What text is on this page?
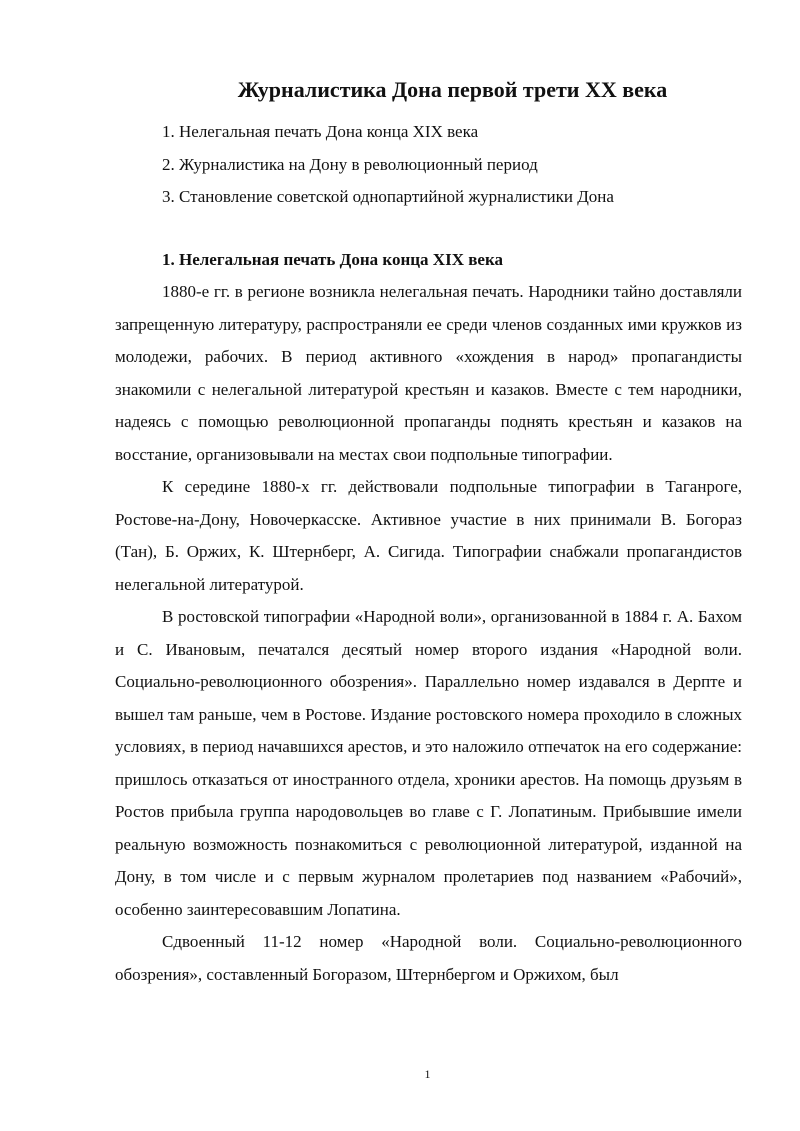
Журналистика Дона первой трети XX века
1. Нелегальная печать Дона конца XIX века
2. Журналистика на Дону в революционный период
3. Становление советской однопартийной журналистики Дона
1. Нелегальная печать Дона конца XIX века

1880-е гг. в регионе возникла нелегальная печать. Народники тайно доставляли запрещенную литературу, распространяли ее среди членов созданных ими кружков из молодежи, рабочих. В период активного «хождения в народ» пропагандисты знакомили с нелегальной литературой крестьян и казаков. Вместе с тем народники, надеясь с помощью революционной пропаганды поднять крестьян и казаков на восстание, организовывали на местах свои подпольные типографии.

К середине 1880-х гг. действовали подпольные типографии в Таганроге, Ростове-на-Дону, Новочеркасске. Активное участие в них принимали В. Богораз (Тан), Б. Оржих, К. Штернберг, А. Сигида. Типографии снабжали пропагандистов нелегальной литературой.

В ростовской типографии «Народной воли», организованной в 1884 г. А. Бахом и С. Ивановым, печатался десятый номер второго издания «Народной воли. Социально-революционного обозрения». Параллельно номер издавался в Дерпте и вышел там раньше, чем в Ростове. Издание ростовского номера проходило в сложных условиях, в период начавшихся арестов, и это наложило отпечаток на его содержание: пришлось отказаться от иностранного отдела, хроники арестов. На помощь друзьям в Ростов прибыла группа народовольцев во главе с Г. Лопатиным. Прибывшие имели реальную возможность познакомиться с революционной литературой, изданной на Дону, в том числе и с первым журналом пролетариев под названием «Рабочий», особенно заинтересовавшим Лопатина.

Сдвоенный 11-12 номер «Народной воли. Социально-революционного обозрения», составленный Богоразом, Штернбергом и Оржихом, был

1
